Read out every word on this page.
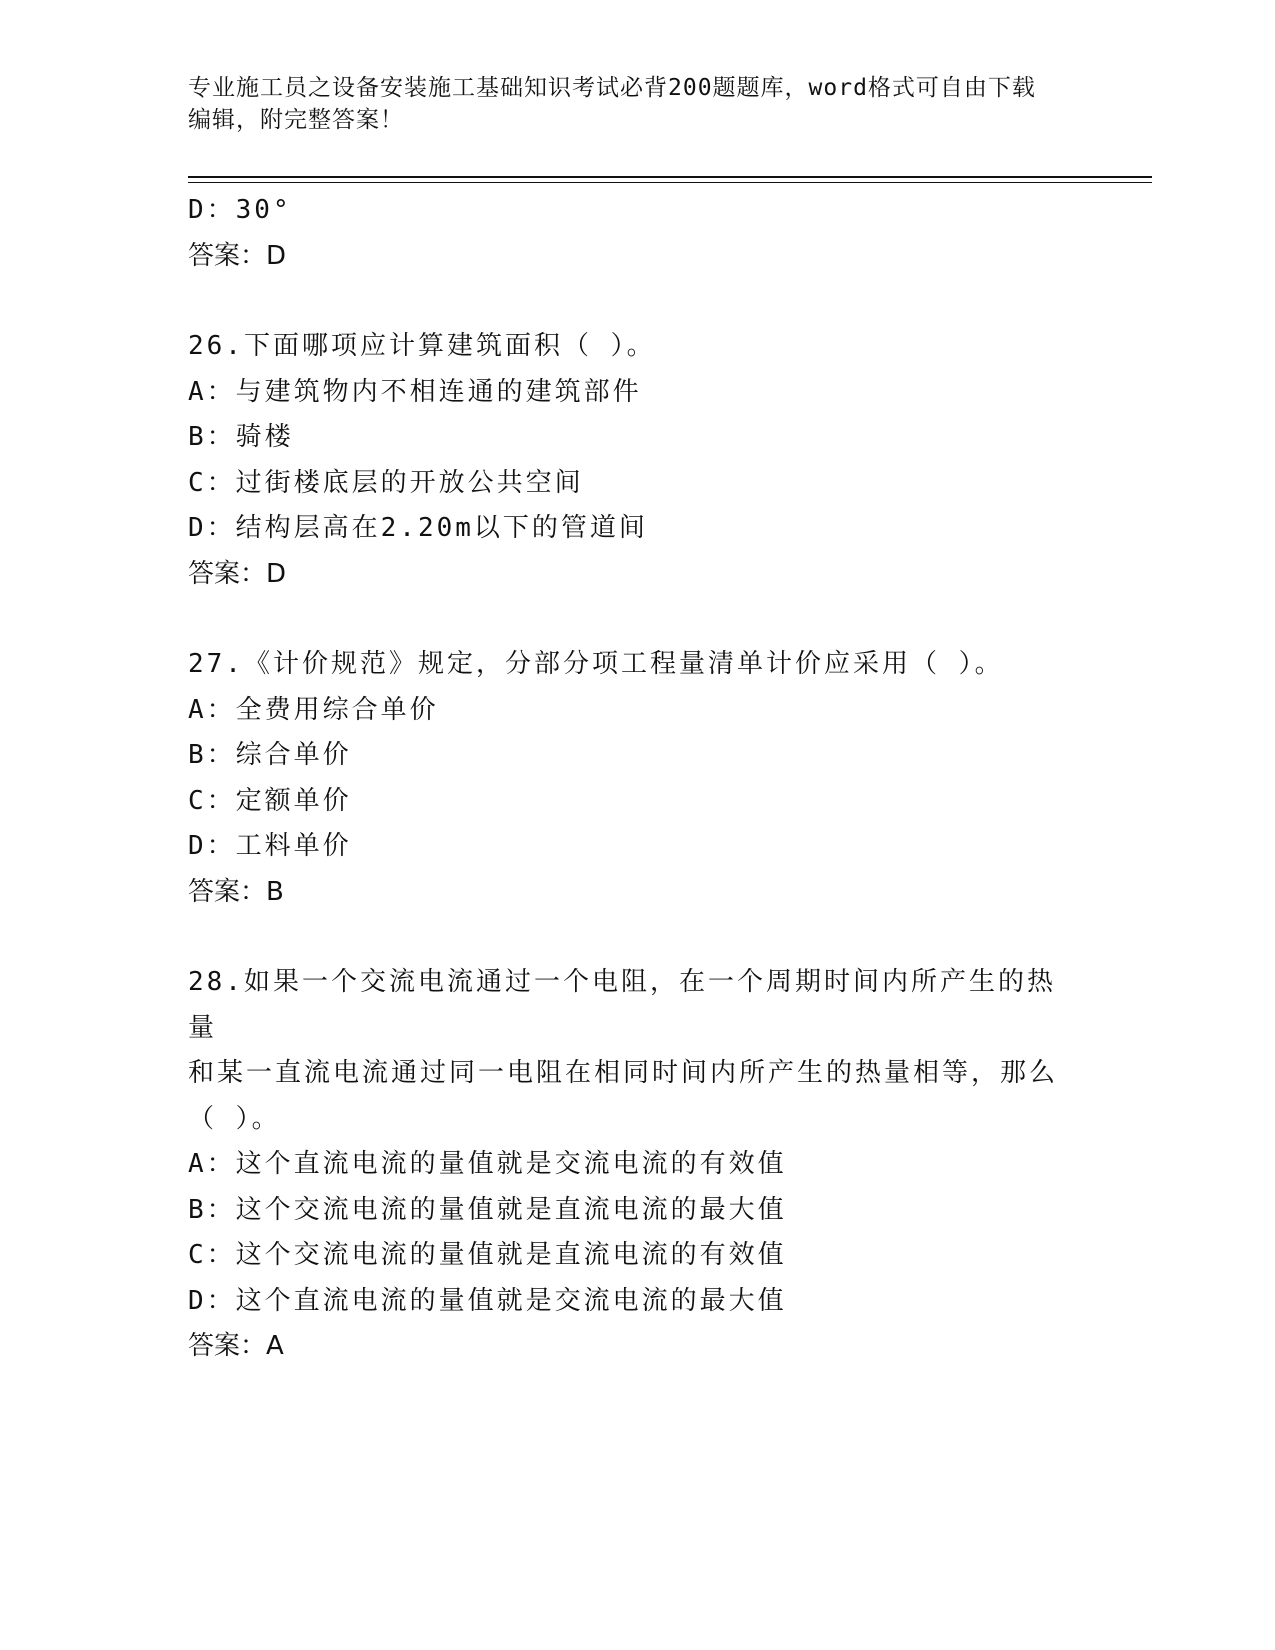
专业施工员之设备安装施工基础知识考试必背200题题库，word格式可自由下载
编辑，附完整答案！
D：30°
答案：D
26.下面哪项应计算建筑面积（ ）。
A：与建筑物内不相连通的建筑部件
B：骑楼
C：过街楼底层的开放公共空间
D：结构层高在2.20m以下的管道间
答案：D
27.《计价规范》规定，分部分项工程量清单计价应采用（ ）。
A：全费用综合单价
B：综合单价
C：定额单价
D：工料单价
答案：B
28.如果一个交流电流通过一个电阻，在一个周期时间内所产生的热量
和某一直流电流通过同一电阻在相同时间内所产生的热量相等，那么
（ ）。
A：这个直流电流的量值就是交流电流的有效值
B：这个交流电流的量值就是直流电流的最大值
C：这个交流电流的量值就是直流电流的有效值
D：这个直流电流的量值就是交流电流的最大值
答案：A
